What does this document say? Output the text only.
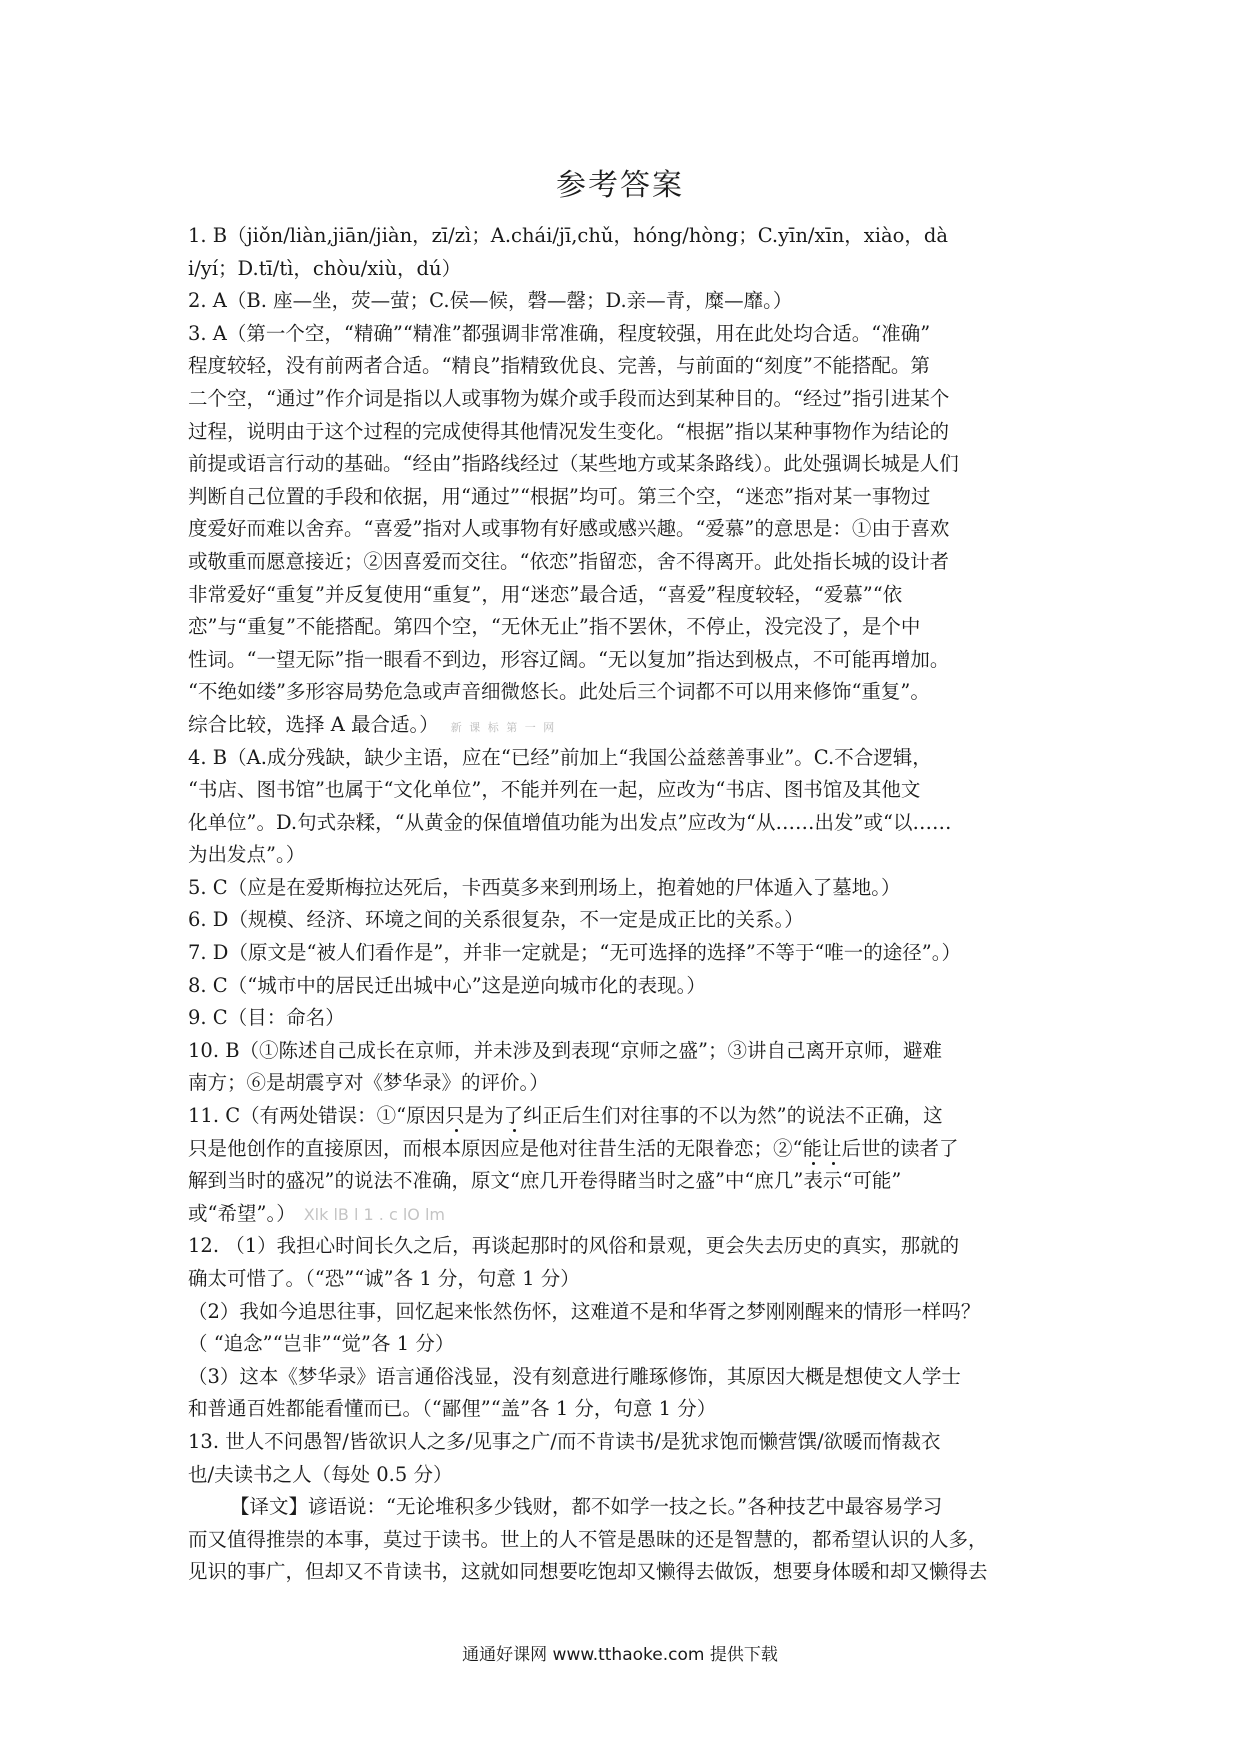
参考答案
1. B（jiǒn/liàn,jiān/jiàn，zī/zì；A.chái/jī,chǔ，hóng/hòng；C.yīn/xīn，xiào，dà
i/yí；D.tī/tì，chòu/xiù，dú）
2. A（B. 座—坐，荧—萤；C.侯—候，磬—罄；D.亲—青，糜—靡。）
3. A（第一个空，“精确”“精准”都强调非常准确，程度较强，用在此处均合适。“准确”
程度较轻，没有前两者合适。“精良”指精致优良、完善，与前面的“刻度”不能搭配。第
二个空，“通过”作介词是指以人或事物为媒介或手段而达到某种目的。“经过”指引进某个
过程，说明由于这个过程的完成使得其他情况发生变化。“根据”指以某种事物作为结论的
前提或语言行动的基础。“经由”指路线经过（某些地方或某条路线）。此处强调长城是人们
判断自己位置的手段和依据，用“通过”“根据”均可。第三个空，“迷恋”指对某一事物过
度爱好而难以舍弃。“喜爱”指对人或事物有好感或感兴趣。“爱慕”的意思是：①由于喜欢
或敬重而愿意接近；②因喜爱而交往。“依恋”指留恋，舍不得离开。此处指长城的设计者
非常爱好“重复”并反复使用“重复”，用“迷恋”最合适，“喜爱”程度较轻，“爱慕”“依
恋”与“重复”不能搭配。第四个空，“无休无止”指不罢休，不停止，没完没了，是个中
性词。“一望无际”指一眼看不到边，形容辽阔。“无以复加”指达到极点，不可能再增加。
“不绝如缕”多形容局势危急或声音细微悠长。此处后三个词都不可以用来修饰“重复”。
综合比较，选择 A 最合适。） 新 课 标 第 一 网
4. B（A.成分残缺，缺少主语，应在“已经”前加上“我国公益慈善事业”。C.不合逻辑，
“书店、图书馆”也属于“文化单位”，不能并列在一起，应改为“书店、图书馆及其他文
化单位”。D.句式杂糅，“从黄金的保值增值功能为出发点”应改为“从……出发”或“以……
为出发点”。）
5. C（应是在爱斯梅拉达死后，卡西莫多来到刑场上，抱着她的尸体遁入了墓地。）
6. D（规模、经济、环境之间的关系很复杂，不一定是成正比的关系。）
7. D（原文是“被人们看作是”，并非一定就是；“无可选择的选择”不等于“唯一的途径”。）
8. C（“城市中的居民迁出城中心”这是逆向城市化的表现。）
9. C（目：命名）
10. B（①陈述自己成长在京师，并未涉及到表现“京师之盛”；③讲自己离开京师，避难
南方；⑥是胡震亨对《梦华录》的评价。）
11. C（有两处错误：①“原因只是为了纠正后生们对往事的不以为然”的说法不正确，这
只是他创作的直接原因，而根本原因应是他对往昔生活的无限眷恋；②“能让后世的读者了
解到当时的盛况”的说法不准确，原文“庶几开卷得睹当时之盛”中“庶几”表示“可能”
或“希望”。） Xlk lB l 1 . c lO lm
12. （1）我担心时间长久之后，再谈起那时的风俗和景观，更会失去历史的真实，那就的
确太可惜了。（“恐”“诚”各 1 分，句意 1 分）
（2）我如今追思往事，回忆起来怅然伤怀，这难道不是和华胥之梦刚刚醒来的情形一样吗？
（ “追念”“岂非”“觉”各 1 分）
（3）这本《梦华录》语言通俗浅显，没有刻意进行雕琢修饰，其原因大概是想使文人学士
和普通百姓都能看懂而已。（“鄙俚”“盖”各 1 分，句意 1 分）
13. 世人不问愚智/皆欲识人之多/见事之广/而不肯读书/是犹求饱而懒营馔/欲暖而惰裁衣
也/夫读书之人（每处 0.5 分）
【译文】谚语说：“无论堆积多少钱财，都不如学一技之长。”各种技艺中最容易学习
而又值得推崇的本事，莫过于读书。世上的人不管是愚昧的还是智慧的，都希望认识的人多，
见识的事广，但却又不肯读书，这就如同想要吃饱却又懒得去做饭，想要身体暖和却又懒得去
通通好课网 www.tthaoke.com 提供下载
